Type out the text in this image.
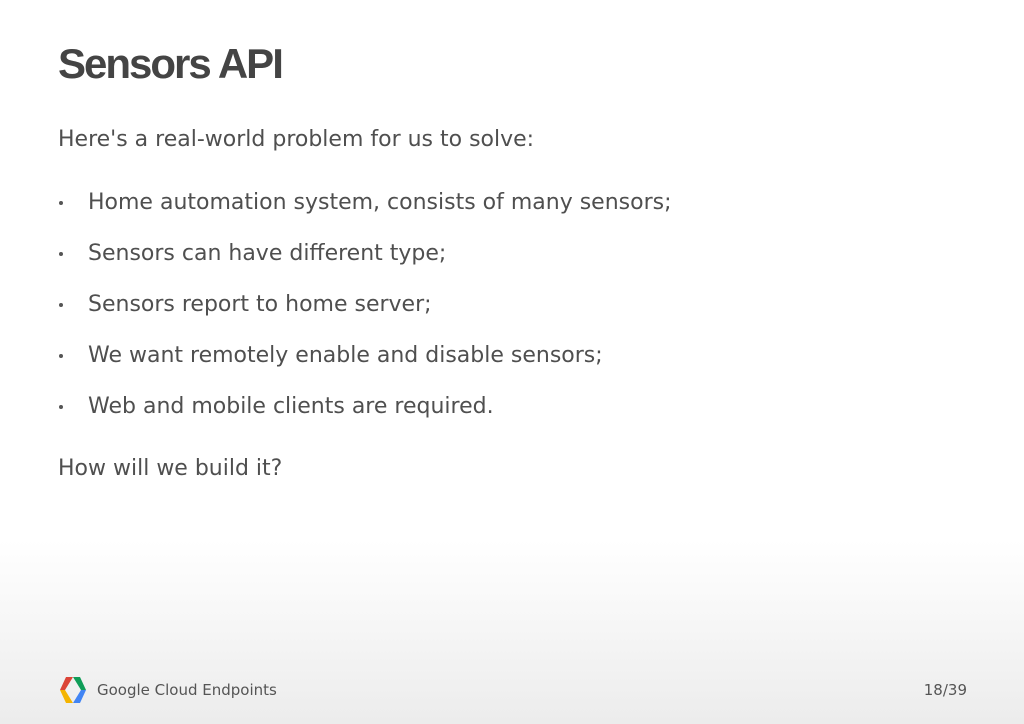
Sensors API

Here's a real-world problem for us to solve:

Home automation system, consists of many sensors;
Sensors can have different type;
Sensors report to home server;
We want remotely enable and disable sensors;
Web and mobile clients are required.

How will we build it?

Google Cloud Endpoints	18/39
